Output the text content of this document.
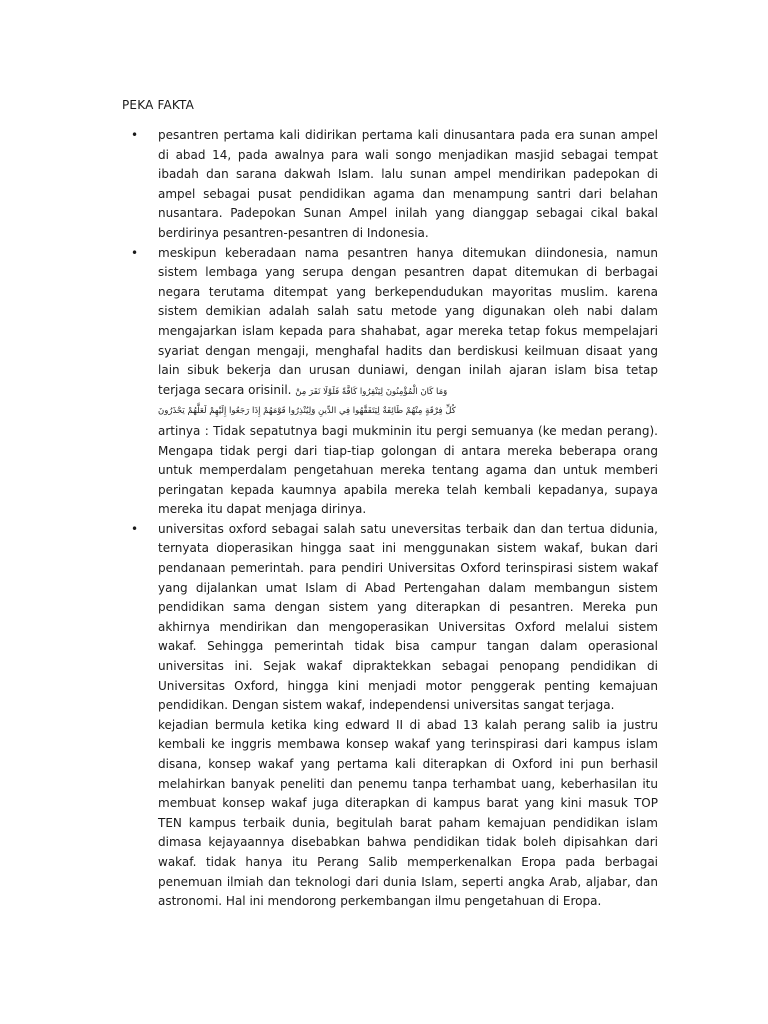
PEKA FAKTA
• pesantren pertama kali didirikan pertama kali dinusantara pada era sunan ampel di abad 14, pada awalnya para wali songo menjadikan masjid sebagai tempat ibadah dan sarana dakwah Islam. lalu sunan ampel mendirikan padepokan di ampel sebagai pusat pendidikan agama dan menampung santri dari belahan nusantara. Padepokan Sunan Ampel inilah yang dianggap sebagai cikal bakal berdirinya pesantren-pesantren di Indonesia.
• meskipun keberadaan nama pesantren hanya ditemukan diindonesia, namun sistem lembaga yang serupa dengan pesantren dapat ditemukan di berbagai negara terutama ditempat yang berkependudukan mayoritas muslim. karena sistem demikian adalah salah satu metode yang digunakan oleh nabi dalam mengajarkan islam kepada para shahabat, agar mereka tetap fokus mempelajari syariat dengan mengaji, menghafal hadits dan berdiskusi keilmuan disaat yang lain sibuk bekerja dan urusan duniawi, dengan inilah ajaran islam bisa tetap terjaga secara orisinil. وَمَا كَانَ الْمُؤْمِنُونَ لِيَنْفِرُوا كَافَّةً فَلَوْلَا نَفَرَ مِنْ
كُلِّ فِرْقَةٍ مِنْهُمْ طَائِفَةٌ لِيَتَفَقَّهُوا فِي الدِّينِ وَلِيُنْذِرُوا قَوْمَهُمْ إِذَا رَجَعُوا إِلَيْهِمْ لَعَلَّهُمْ يَحْذَرُونَ
artinya : Tidak sepatutnya bagi mukminin itu pergi semuanya (ke medan perang). Mengapa tidak pergi dari tiap-tiap golongan di antara mereka beberapa orang untuk memperdalam pengetahuan mereka tentang agama dan untuk memberi peringatan kepada kaumnya apabila mereka telah kembali kepadanya, supaya mereka itu dapat menjaga dirinya.
• universitas oxford sebagai salah satu uneversitas terbaik dan dan tertua didunia, ternyata dioperasikan hingga saat ini menggunakan sistem wakaf, bukan dari pendanaan pemerintah. para pendiri Universitas Oxford terinspirasi sistem wakaf yang dijalankan umat Islam di Abad Pertengahan dalam membangun sistem pendidikan sama dengan sistem yang diterapkan di pesantren. Mereka pun akhirnya mendirikan dan mengoperasikan Universitas Oxford melalui sistem wakaf. Sehingga pemerintah tidak bisa campur tangan dalam operasional universitas ini. Sejak wakaf dipraktekkan sebagai penopang pendidikan di Universitas Oxford, hingga kini menjadi motor penggerak penting kemajuan pendidikan. Dengan sistem wakaf, independensi universitas sangat terjaga.
kejadian bermula ketika king edward II di abad 13 kalah perang salib ia justru kembali ke inggris membawa konsep wakaf yang terinspirasi dari kampus islam disana, konsep wakaf yang pertama kali diterapkan di Oxford ini pun berhasil melahirkan banyak peneliti dan penemu tanpa terhambat uang, keberhasilan itu membuat konsep wakaf juga diterapkan di kampus barat yang kini masuk TOP TEN kampus terbaik dunia, begitulah barat paham kemajuan pendidikan islam dimasa kejayaannya disebabkan bahwa pendidikan tidak boleh dipisahkan dari wakaf. tidak hanya itu Perang Salib memperkenalkan Eropa pada berbagai penemuan ilmiah dan teknologi dari dunia Islam, seperti angka Arab, aljabar, dan astronomi. Hal ini mendorong perkembangan ilmu pengetahuan di Eropa.
